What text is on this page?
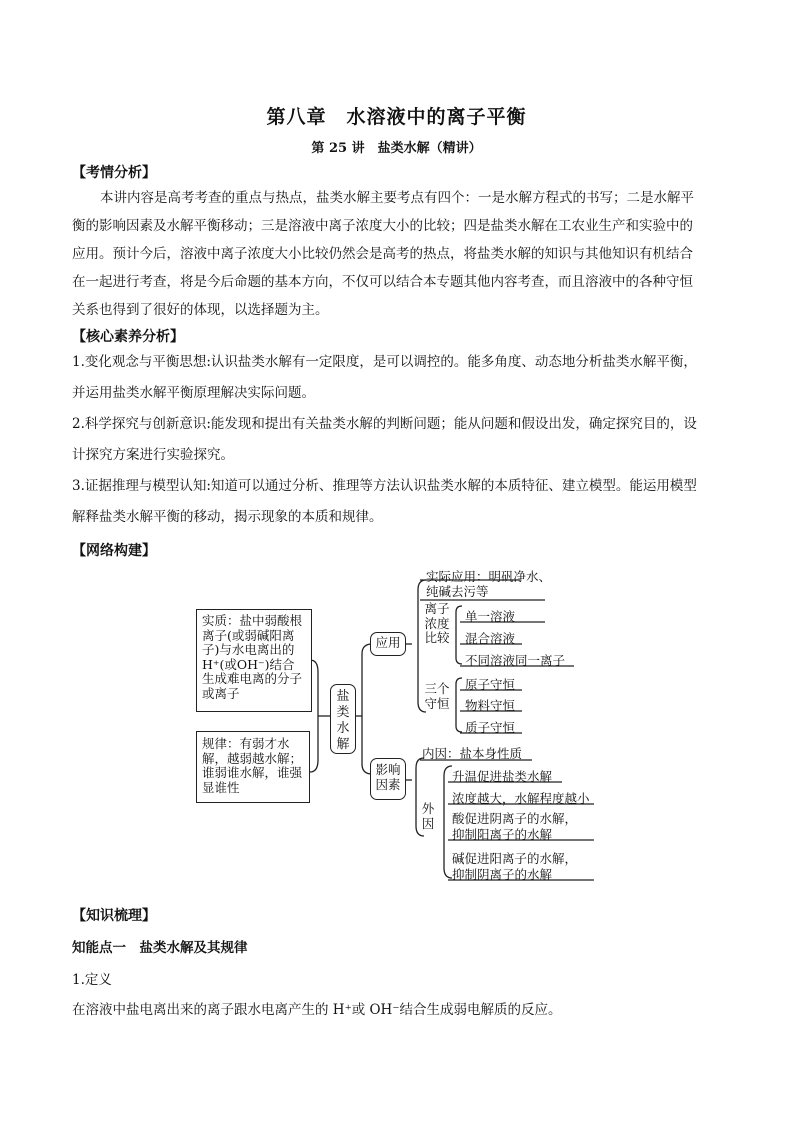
第八章　水溶液中的离子平衡
第 25 讲　盐类水解（精讲）
【考情分析】
本讲内容是高考考查的重点与热点，盐类水解主要考点有四个：一是水解方程式的书写；二是水解平
衡的影响因素及水解平衡移动；三是溶液中离子浓度大小的比较；四是盐类水解在工农业生产和实验中的
应用。预计今后，溶液中离子浓度大小比较仍然会是高考的热点，将盐类水解的知识与其他知识有机结合
在一起进行考查，将是今后命题的基本方向，不仅可以结合本专题其他内容考查，而且溶液中的各种守恒
关系也得到了很好的体现，以选择题为主。
【核心素养分析】
1.变化观念与平衡思想:认识盐类水解有一定限度，是可以调控的。能多角度、动态地分析盐类水解平衡，
并运用盐类水解平衡原理解决实际问题。
2.科学探究与创新意识:能发现和提出有关盐类水解的判断问题；能从问题和假设出发，确定探究目的，设
计探究方案进行实验探究。
3.证据推理与模型认知:知道可以通过分析、推理等方法认识盐类水解的本质特征、建立模型。能运用模型
解释盐类水解平衡的移动，揭示现象的本质和规律。
【网络构建】
实质：盐中弱酸根离子(或弱碱阳离子)与水电离出的H⁺(或OH⁻)结合生成难电离的分子或离子
规律：有弱才水解，越弱越水解；谁弱谁水解，谁强显谁性
盐类水解
应用
影响因素
实际应用：明矾净水、
纯碱去污等
离子浓度比较
单一溶液
混合溶液
不同溶液同一离子
三个守恒
原子守恒
物料守恒
质子守恒
内因：盐本身性质
外因
升温促进盐类水解
浓度越大，水解程度越小
酸促进阴离子的水解，
抑制阳离子的水解
碱促进阳离子的水解，
抑制阴离子的水解
【知识梳理】
知能点一　盐类水解及其规律
1.定义
在溶液中盐电离出来的离子跟水电离产生的 H⁺或 OH⁻结合生成弱电解质的反应。
